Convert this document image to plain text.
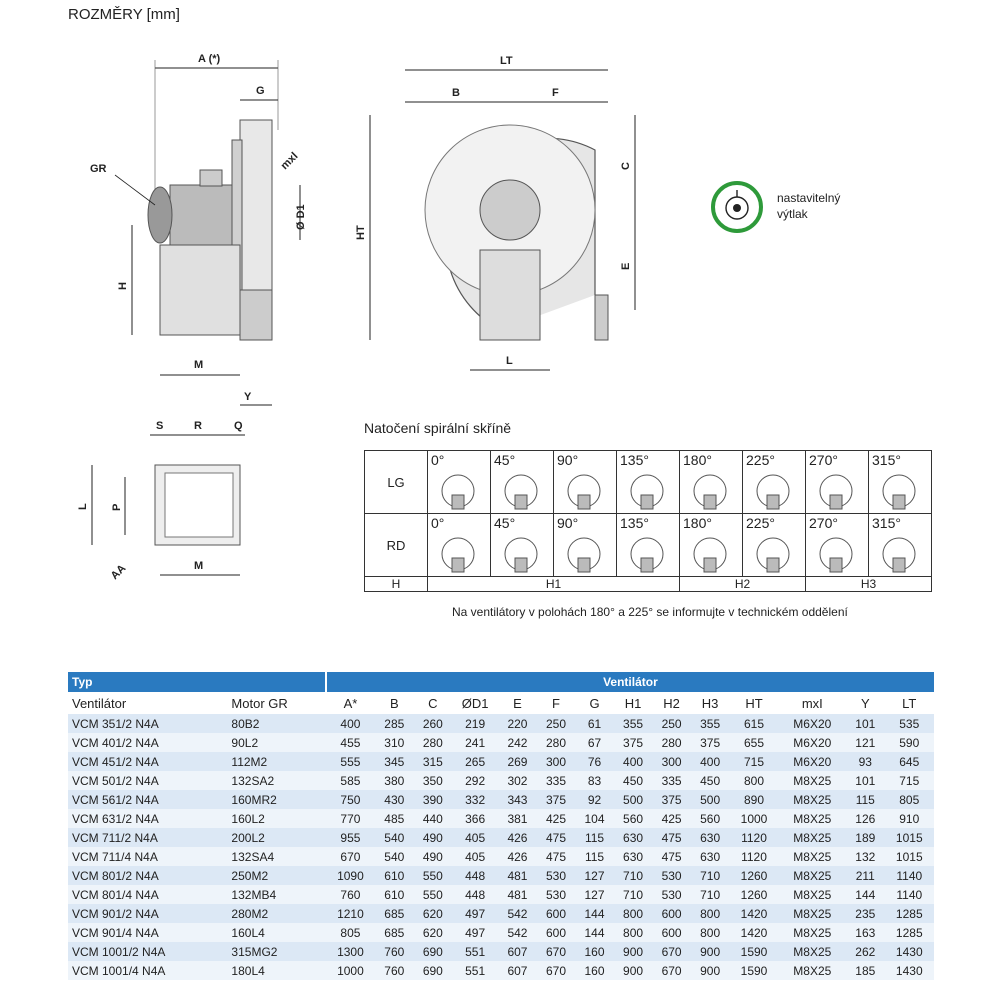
ROZMĚRY [mm]
A (*)
G
Ø D1
mxl
GR
H
M
Y
LT
B	F
C
E
HT
L
nastavitelný
výtlak
S	R	Q
L P
AA	M
Natočení spirální skříně
LG	0°	45°	90°	135°	180°	225°	270°	315°

RD	0°	45°	90°	135°	180°	225°	270°	315°

H	H1				H2		H3	
Na ventilátory v polohách 180° a 225° se informujte v technickém oddělení
Typ		Ventilátor													
Ventilátor	Motor GR	A*	B	C	ØD1	E	F	G	H1	H2	H3	HT	mxI	Y	LT
VCM 351/2 N4A	80B2	400	285	260	219	220	250	61	355	250	355	615	M6X20	101	535
VCM 401/2 N4A	90L2	455	310	280	241	242	280	67	375	280	375	655	M6X20	121	590
VCM 451/2 N4A	112M2	555	345	315	265	269	300	76	400	300	400	715	M6X20	93	645
VCM 501/2 N4A	132SA2	585	380	350	292	302	335	83	450	335	450	800	M8X25	101	715
VCM 561/2 N4A	160MR2	750	430	390	332	343	375	92	500	375	500	890	M8X25	115	805
VCM 631/2 N4A	160L2	770	485	440	366	381	425	104	560	425	560	1000	M8X25	126	910
VCM 711/2 N4A	200L2	955	540	490	405	426	475	115	630	475	630	1120	M8X25	189	1015
VCM 711/4 N4A	132SA4	670	540	490	405	426	475	115	630	475	630	1120	M8X25	132	1015
VCM 801/2 N4A	250M2	1090	610	550	448	481	530	127	710	530	710	1260	M8X25	211	1140
VCM 801/4 N4A	132MB4	760	610	550	448	481	530	127	710	530	710	1260	M8X25	144	1140
VCM 901/2 N4A	280M2	1210	685	620	497	542	600	144	800	600	800	1420	M8X25	235	1285
VCM 901/4 N4A	160L4	805	685	620	497	542	600	144	800	600	800	1420	M8X25	163	1285
VCM 1001/2 N4A	315MG2	1300	760	690	551	607	670	160	900	670	900	1590	M8X25	262	1430
VCM 1001/4 N4A	180L4	1000	760	690	551	607	670	160	900	670	900	1590	M8X25	185	1430
